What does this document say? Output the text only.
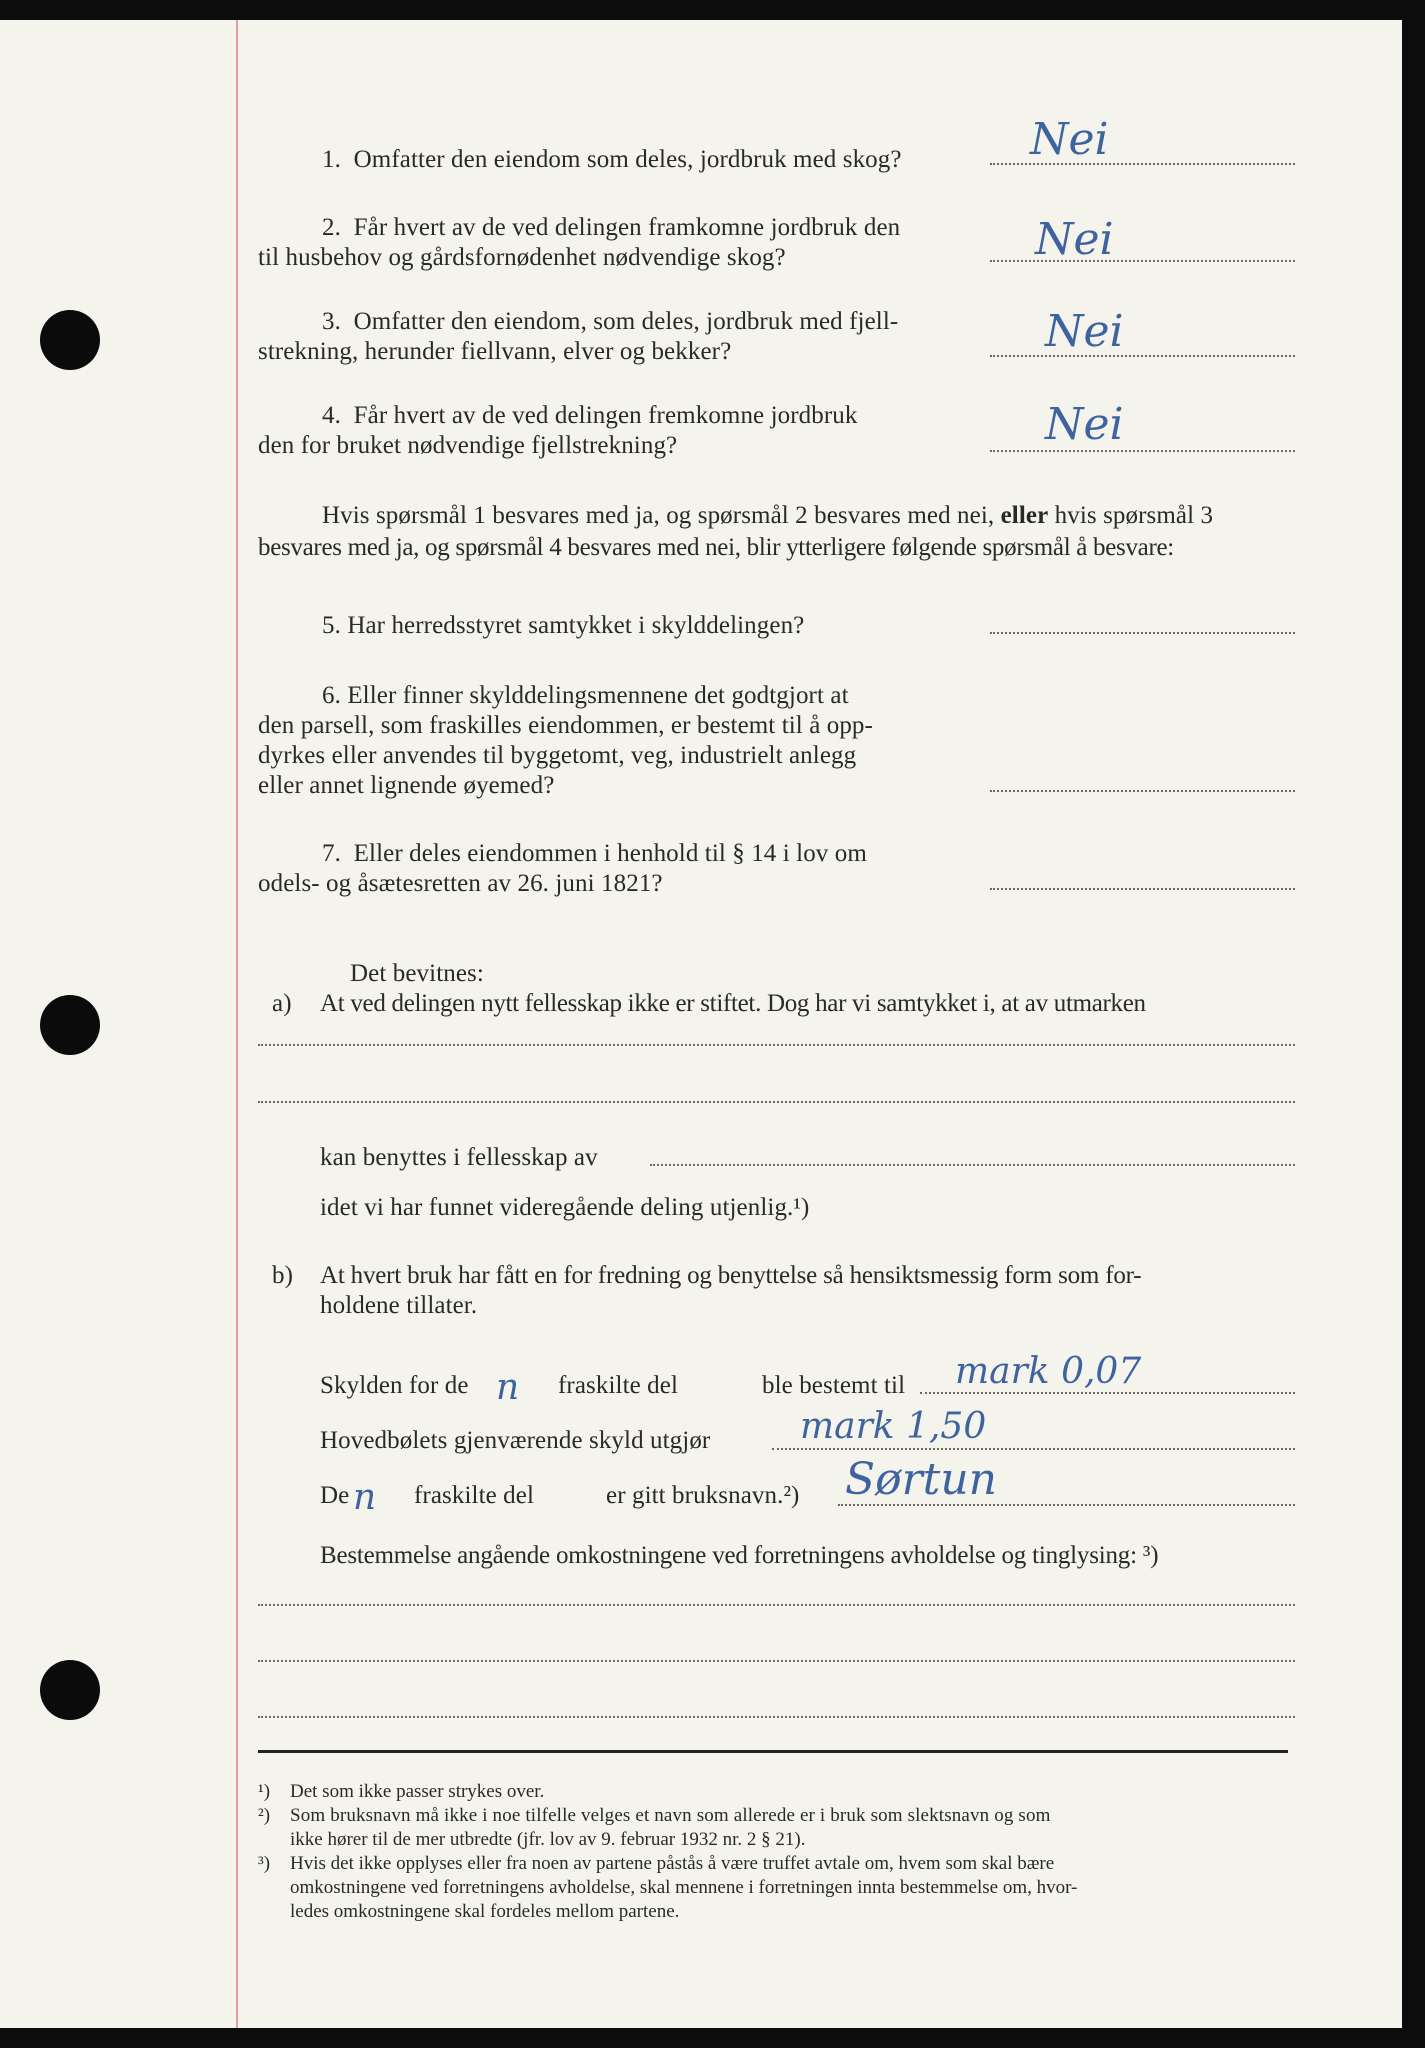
1. Omfatter den eiendom som deles, jordbruk med skog?	Nei
2. Får hvert av de ved delingen framkomne jordbruk den
til husbehov og gårdsfornødenhet nødvendige skog?	Nei
3. Omfatter den eiendom, som deles, jordbruk med fjell-
strekning, herunder fiellvann, elver og bekker?	Nei
4. Får hvert av de ved delingen fremkomne jordbruk
den for bruket nødvendige fjellstrekning?	Nei
Hvis spørsmål 1 besvares med ja, og spørsmål 2 besvares med nei, eller hvis spørsmål 3
besvares med ja, og spørsmål 4 besvares med nei, blir ytterligere følgende spørsmål å besvare:
5. Har herredsstyret samtykket i skylddelingen?
6. Eller finner skylddelingsmennene det godtgjort at
den parsell, som fraskilles eiendommen, er bestemt til å opp-
dyrkes eller anvendes til byggetomt, veg, industrielt anlegg
eller annet lignende øyemed?
7. Eller deles eiendommen i henhold til § 14 i lov om
odels- og åsætesretten av 26. juni 1821?
Det bevitnes:
a) At ved delingen nytt fellesskap ikke er stiftet. Dog har vi samtykket i, at av utmarken
kan benyttes i fellesskap av
idet vi har funnet videregående deling utjenlig.¹)
b) At hvert bruk har fått en for fredning og benyttelse så hensiktsmessig form som for-
holdene tillater.
Skylden for de n fraskilte del	ble bestemt til mark 0,07
Hovedbølets gjenværende skyld utgjør mark 1,50
De n fraskilte del	er gitt bruksnavn.²) Sørtun
Bestemmelse angående omkostningene ved forretningens avholdelse og tinglysing: ³)
¹) Det som ikke passer strykes over.
²) Som bruksnavn må ikke i noe tilfelle velges et navn som allerede er i bruk som slektsnavn og som
ikke hører til de mer utbredte (jfr. lov av 9. februar 1932 nr. 2 § 21).
³) Hvis det ikke opplyses eller fra noen av partene påstås å være truffet avtale om, hvem som skal bære
omkostningene ved forretningens avholdelse, skal mennene i forretningen innta bestemmelse om, hvor-
ledes omkostningene skal fordeles mellom partene.
